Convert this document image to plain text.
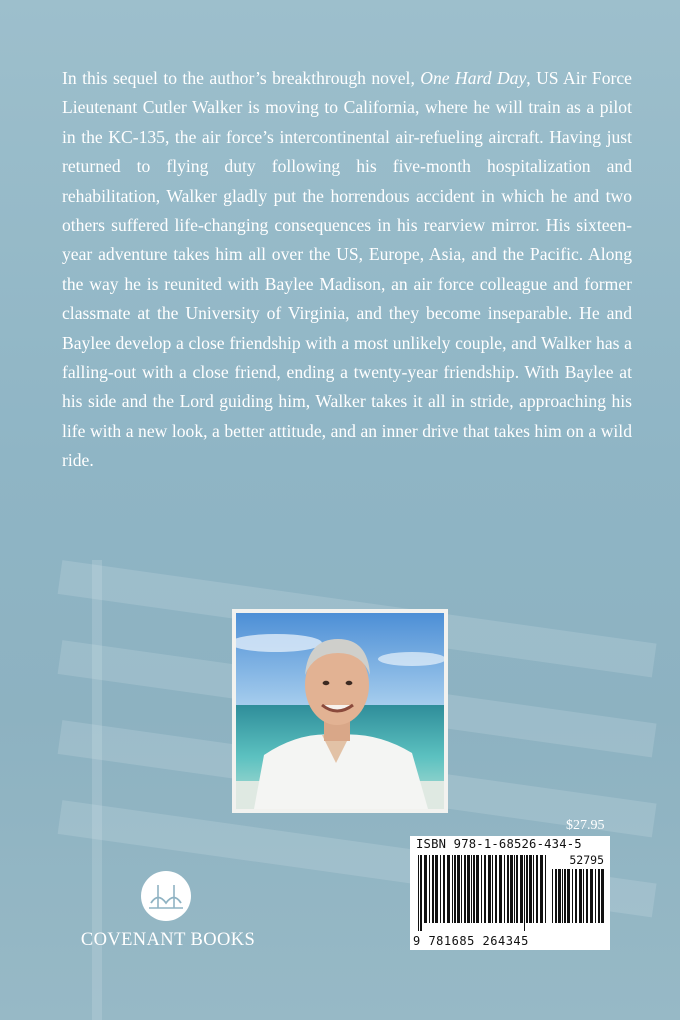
In this sequel to the author’s breakthrough novel, One Hard Day, US Air Force Lieutenant Cutler Walker is moving to California, where he will train as a pilot in the KC-135, the air force’s intercontinental air-refueling aircraft. Having just returned to flying duty following his five-month hospitalization and rehabilitation, Walker gladly put the horrendous accident in which he and two others suffered life-changing consequences in his rearview mirror. His sixteen-year adventure takes him all over the US, Europe, Asia, and the Pacific. Along the way he is reunited with Baylee Madison, an air force colleague and former classmate at the University of Virginia, and they become inseparable. He and Baylee develop a close friendship with a most unlikely couple, and Walker has a falling-out with a close friend, ending a twenty-year friendship. With Baylee at his side and the Lord guiding him, Walker takes it all in stride, approaching his life with a new look, a better attitude, and an inner drive that takes him on a wild ride.

$27.95
ISBN 978-1-68526-434-5
52795
9 781685 264345
COVENANT BOOKS
